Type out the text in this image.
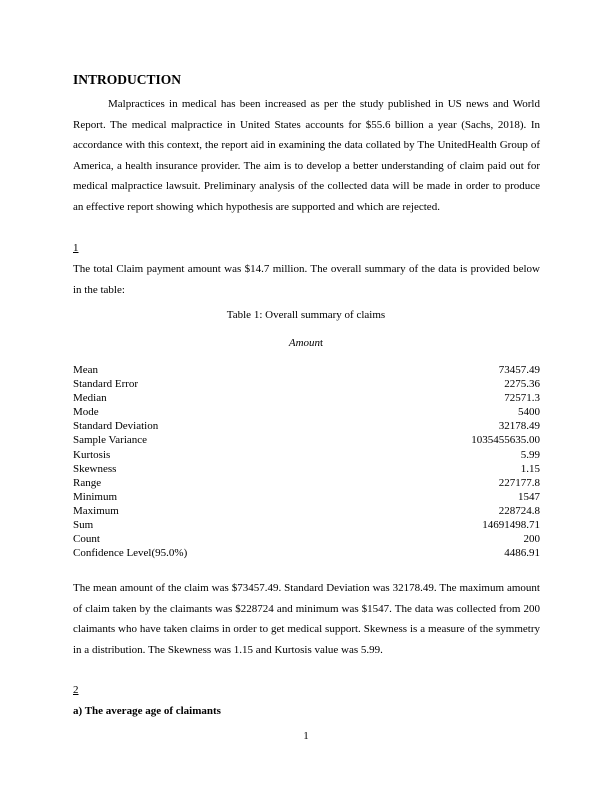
INTRODUCTION

Malpractices in medical has been increased as per the study published in US news and World Report. The medical malpractice in United States accounts for $55.6 billion a year (Sachs, 2018). In accordance with this context, the report aid in examining the data collated by The UnitedHealth Group of America, a health insurance provider. The aim is to develop a better understanding of claim paid out for medical malpractice lawsuit. Preliminary analysis of the collected data will be made in order to produce an effective report showing which hypothesis are supported and which are rejected.

1

The total Claim payment amount was $14.7 million. The overall summary of the data is provided below in the table:

Table 1: Overall summary of claims
Amount
Mean	73457.49
Standard Error	2275.36
Median	72571.3
Mode	5400
Standard Deviation	32178.49
Sample Variance	1035455635.00
Kurtosis	5.99
Skewness	1.15
Range	227177.8
Minimum	1547
Maximum	228724.8
Sum	14691498.71
Count	200
Confidence Level(95.0%)	4486.91

The mean amount of the claim was $73457.49. Standard Deviation was 32178.49. The maximum amount of claim taken by the claimants was $228724 and minimum was $1547. The data was collected from 200 claimants who have taken claims in order to get medical support. Skewness is a measure of the symmetry in a distribution. The Skewness was 1.15 and Kurtosis value was 5.99.

2
a) The average age of claimants
1
